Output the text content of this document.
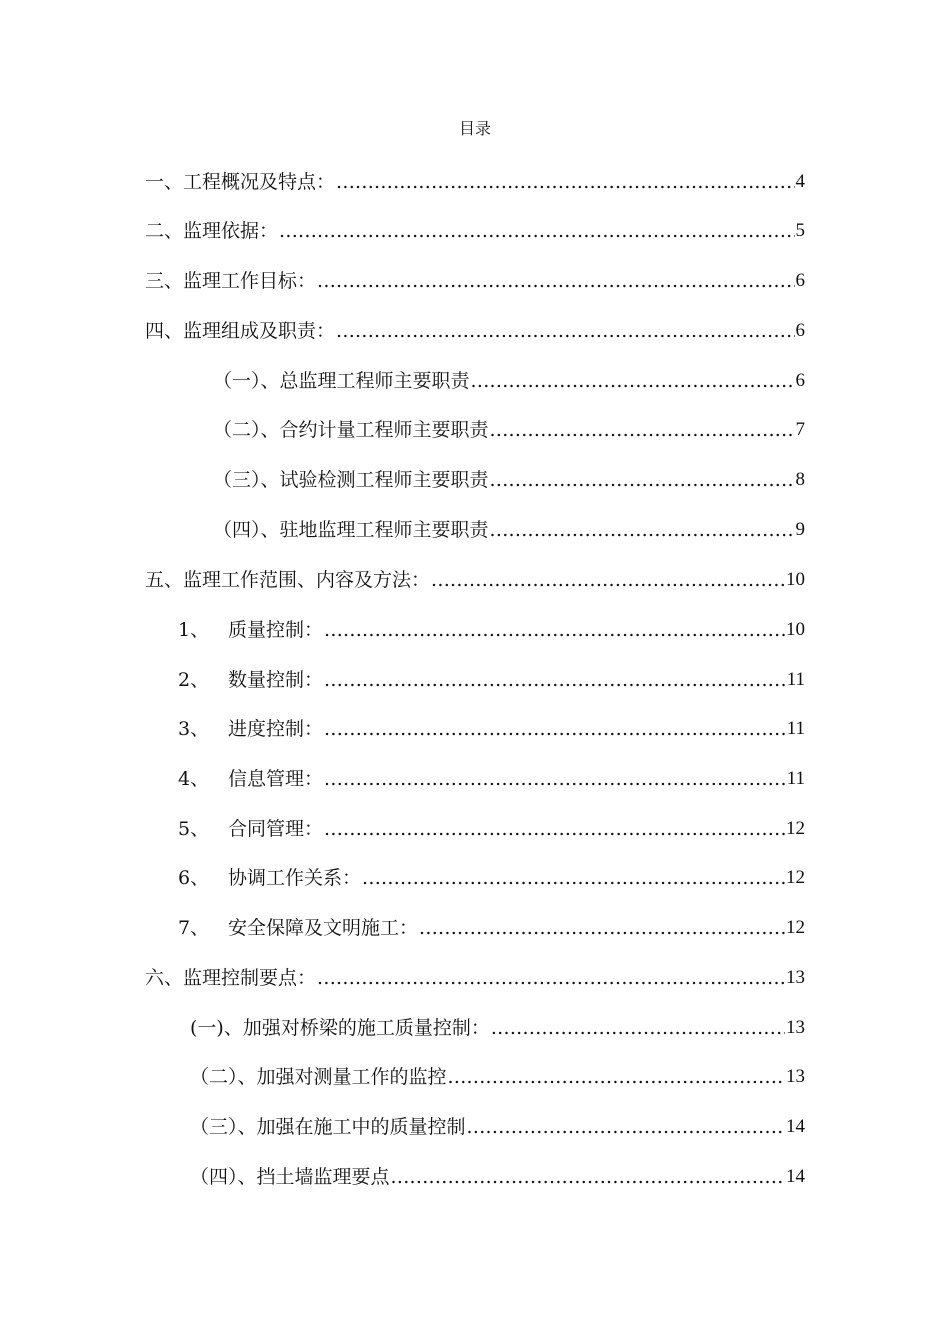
目录
一、工程概况及特点： .....	4
二、监理依据： .....	5
三、监理工作目标： .....	6
四、监理组成及职责： .....	6
（一）、总监理工程师主要职责 .....	6
（二）、合约计量工程师主要职责 .....	7
（三）、试验检测工程师主要职责 .....	8
（四）、驻地监理工程师主要职责 .....	9
五、监理工作范围、内容及方法： .....	10
1、 质量控制： .....	10
2、 数量控制： .....	11
3、 进度控制： .....	11
4、 信息管理： .....	11
5、 合同管理： .....	12
6、 协调工作关系： .....	12
7、 安全保障及文明施工： .....	12
六、监理控制要点： .....	13
(一)、加强对桥梁的施工质量控制： .....	13
（二）、加强对测量工作的监控 .....	13
（三）、加强在施工中的质量控制 .....	14
（四）、挡土墙监理要点 .....	14
